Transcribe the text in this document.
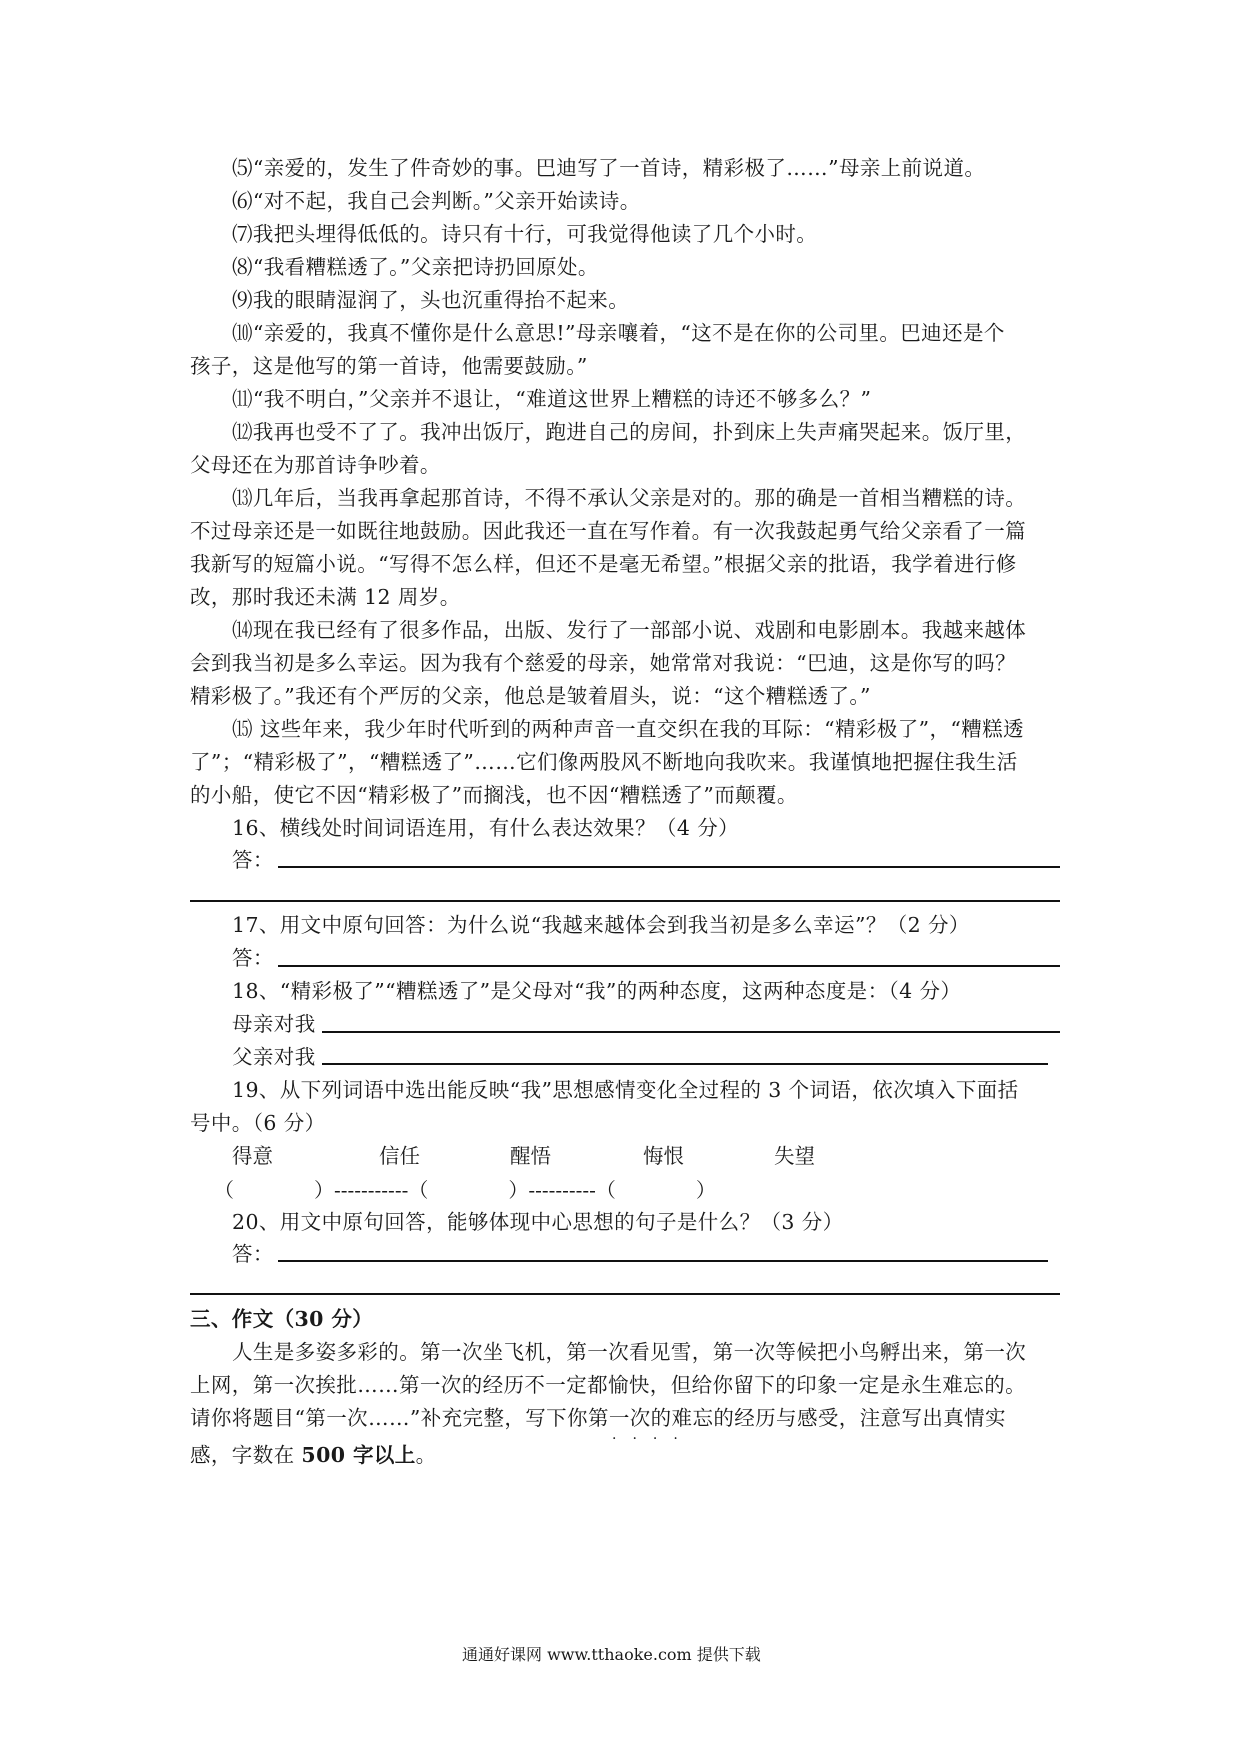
⑸“亲爱的，发生了件奇妙的事。巴迪写了一首诗，精彩极了……”母亲上前说道。
⑹“对不起，我自己会判断。”父亲开始读诗。
⑺我把头埋得低低的。诗只有十行，可我觉得他读了几个小时。
⑻“我看糟糕透了。”父亲把诗扔回原处。
⑼我的眼睛湿润了，头也沉重得抬不起来。
⑽“亲爱的，我真不懂你是什么意思!”母亲嚷着，“这不是在你的公司里。巴迪还是个
孩子，这是他写的第一首诗，他需要鼓励。”
⑾“我不明白，”父亲并不退让，“难道这世界上糟糕的诗还不够多么？”
⑿我再也受不了了。我冲出饭厅，跑进自己的房间，扑到床上失声痛哭起来。饭厅里，
父母还在为那首诗争吵着。
⒀几年后，当我再拿起那首诗，不得不承认父亲是对的。那的确是一首相当糟糕的诗。
不过母亲还是一如既往地鼓励。因此我还一直在写作着。有一次我鼓起勇气给父亲看了一篇
我新写的短篇小说。“写得不怎么样，但还不是毫无希望。”根据父亲的批语，我学着进行修
改，那时我还未满 12 周岁。
⒁现在我已经有了很多作品，出版、发行了一部部小说、戏剧和电影剧本。我越来越体
会到我当初是多么幸运。因为我有个慈爱的母亲，她常常对我说：“巴迪，这是你写的吗？
精彩极了。”我还有个严厉的父亲，他总是皱着眉头，说：“这个糟糕透了。”
⒂ 这些年来，我少年时代听到的两种声音一直交织在我的耳际：“精彩极了”，“糟糕透
了”；“精彩极了”，“糟糕透了”……它们像两股风不断地向我吹来。我谨慎地把握住我生活
的小船，使它不因“精彩极了”而搁浅，也不因“糟糕透了”而颠覆。
16、横线处时间词语连用，有什么表达效果？（4 分）
答：
17、用文中原句回答：为什么说“我越来越体会到我当初是多么幸运”？（2 分）
答：
18、“精彩极了”“糟糕透了”是父母对“我”的两种态度，这两种态度是：（4 分）
母亲对我
父亲对我
19、从下列词语中选出能反映“我”思想感情变化全过程的 3 个词语，依次填入下面括
号中。（6 分）
得意	信任	醒悟	悔恨	失望
（　　　　）-----------（　　　　）----------（　　　　）
20、用文中原句回答，能够体现中心思想的句子是什么？（3 分）
答：
三、作文（30 分）
人生是多姿多彩的。第一次坐飞机，第一次看见雪，第一次等候把小鸟孵出来，第一次
上网，第一次挨批……第一次的经历不一定都愉快，但给你留下的印象一定是永生难忘的。
请你将题目“第一次……”补充完整，写下你第一次的难忘的经历与感受，注意写出真情实
····
感，字数在 500 字以上。
通通好课网 www.tthaoke.com 提供下载
